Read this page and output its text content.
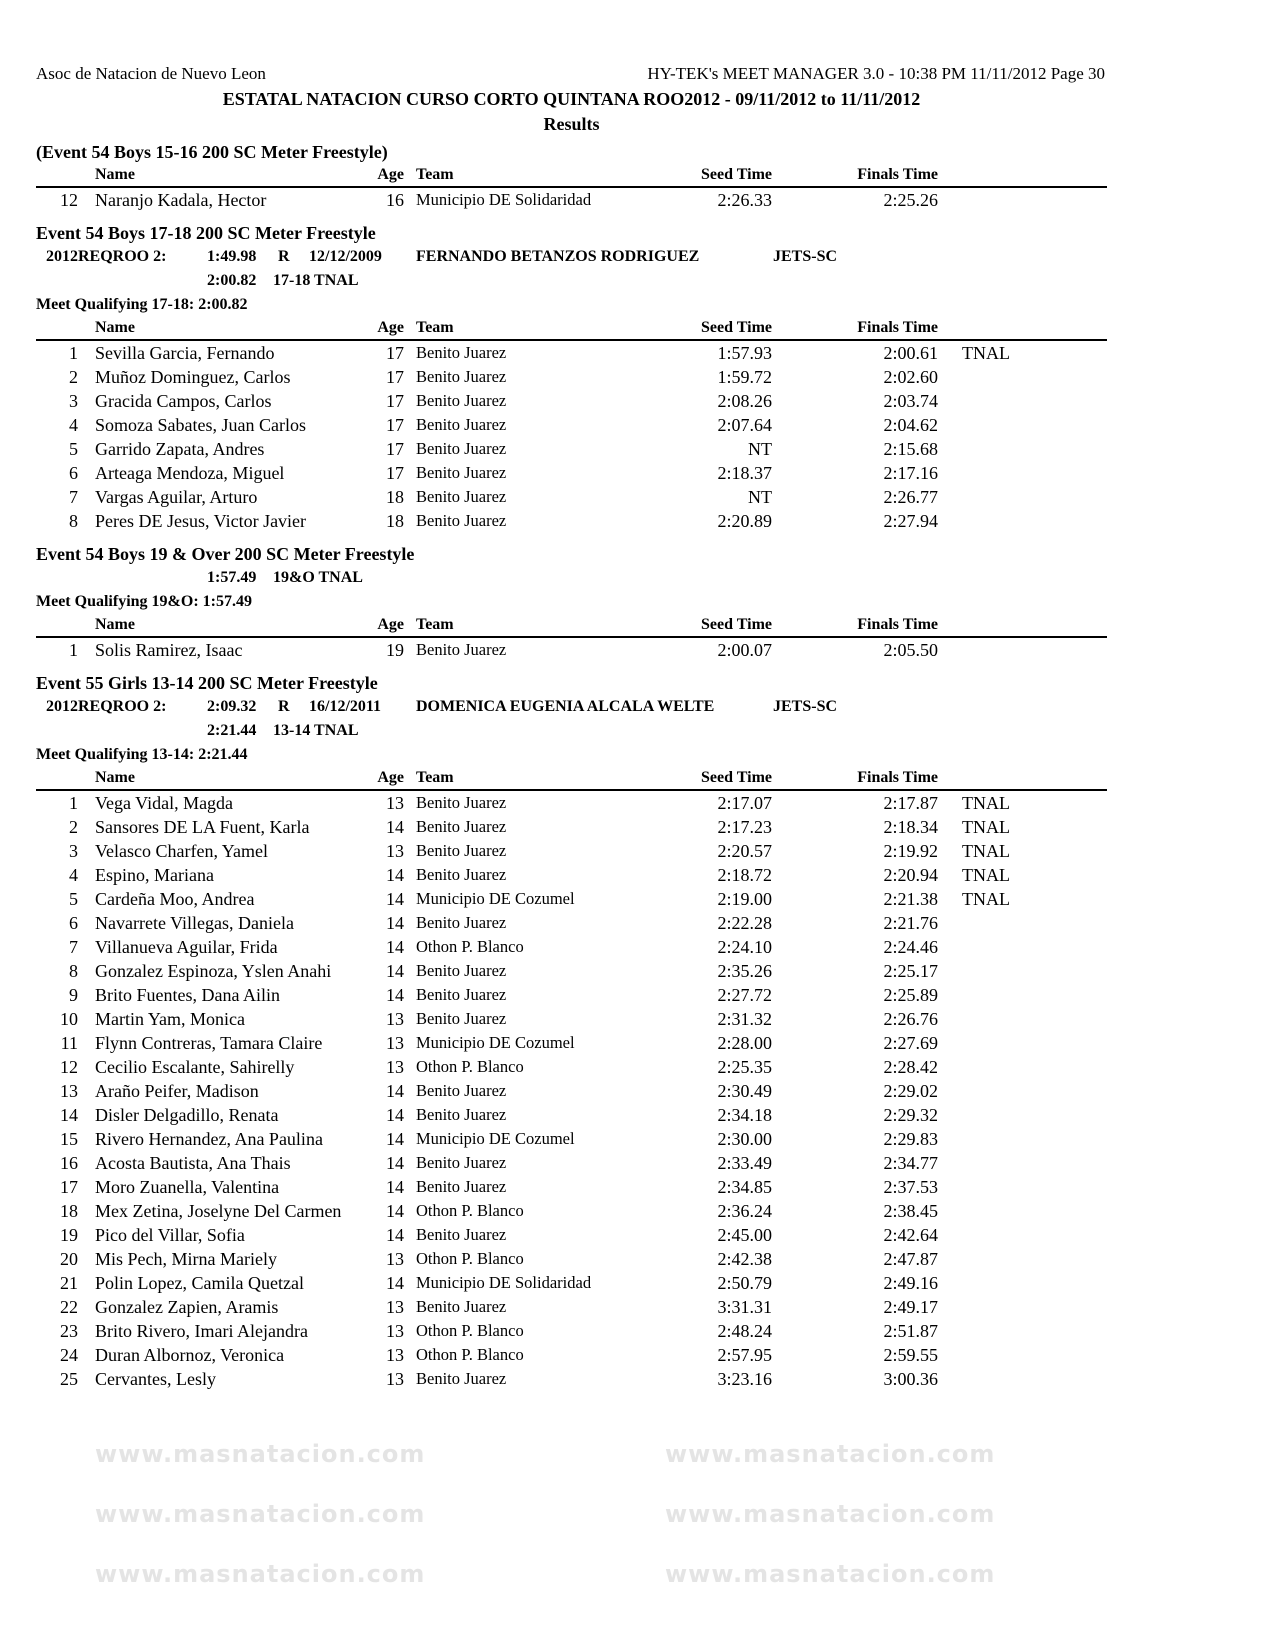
www.masnatacion.com	www.masnatacion.com
www.masnatacion.com	www.masnatacion.com
www.masnatacion.com	www.masnatacion.com
Asoc de Natacion de Nuevo Leon	HY-TEK's MEET MANAGER 3.0 - 10:38 PM 11/11/2012 Page 30
ESTATAL NATACION CURSO CORTO QUINTANA ROO2012 - 09/11/2012 to 11/11/2012
Results
(Event 54 Boys 15-16 200 SC Meter Freestyle)
Name	Age Team	Seed Time	Finals Time
12 Naranjo Kadala, Hector	16 Municipio DE Solidaridad	2:26.33	2:25.26
Event 54 Boys 17-18 200 SC Meter Freestyle
2012REQROO 2:	1:49.98 R 12/12/2009 FERNANDO BETANZOS RODRIGUEZ	JETS-SC
2:00.82 17-18 TNAL
Meet Qualifying 17-18: 2:00.82
Name	Age Team	Seed Time	Finals Time
1 Sevilla Garcia, Fernando	17 Benito Juarez	1:57.93	2:00.61 TNAL
2 Muñoz Dominguez, Carlos	17 Benito Juarez	1:59.72	2:02.60
3 Gracida Campos, Carlos	17 Benito Juarez	2:08.26	2:03.74
4 Somoza Sabates, Juan Carlos	17 Benito Juarez	2:07.64	2:04.62
5 Garrido Zapata, Andres	17 Benito Juarez	NT	2:15.68
6 Arteaga Mendoza, Miguel	17 Benito Juarez	2:18.37	2:17.16
7 Vargas Aguilar, Arturo	18 Benito Juarez	NT	2:26.77
8 Peres DE Jesus, Victor Javier	18 Benito Juarez	2:20.89	2:27.94
Event 54 Boys 19 & Over 200 SC Meter Freestyle
1:57.49 19&O TNAL
Meet Qualifying 19&O: 1:57.49
Name	Age Team	Seed Time	Finals Time
1 Solis Ramirez, Isaac	19 Benito Juarez	2:00.07	2:05.50
Event 55 Girls 13-14 200 SC Meter Freestyle
2012REQROO 2:	2:09.32 R 16/12/2011 DOMENICA EUGENIA ALCALA WELTE	JETS-SC
2:21.44 13-14 TNAL
Meet Qualifying 13-14: 2:21.44
Name	Age Team	Seed Time	Finals Time
1 Vega Vidal, Magda	13 Benito Juarez	2:17.07	2:17.87 TNAL
2 Sansores DE LA Fuent, Karla	14 Benito Juarez	2:17.23	2:18.34 TNAL
3 Velasco Charfen, Yamel	13 Benito Juarez	2:20.57	2:19.92 TNAL
4 Espino, Mariana	14 Benito Juarez	2:18.72	2:20.94 TNAL
5 Cardeña Moo, Andrea	14 Municipio DE Cozumel	2:19.00	2:21.38 TNAL
6 Navarrete Villegas, Daniela	14 Benito Juarez	2:22.28	2:21.76
7 Villanueva Aguilar, Frida	14 Othon P. Blanco	2:24.10	2:24.46
8 Gonzalez Espinoza, Yslen Anahi	14 Benito Juarez	2:35.26	2:25.17
9 Brito Fuentes, Dana Ailin	14 Benito Juarez	2:27.72	2:25.89
10 Martin Yam, Monica	13 Benito Juarez	2:31.32	2:26.76
11 Flynn Contreras, Tamara Claire	13 Municipio DE Cozumel	2:28.00	2:27.69
12 Cecilio Escalante, Sahirelly	13 Othon P. Blanco	2:25.35	2:28.42
13 Araño Peifer, Madison	14 Benito Juarez	2:30.49	2:29.02
14 Disler Delgadillo, Renata	14 Benito Juarez	2:34.18	2:29.32
15 Rivero Hernandez, Ana Paulina	14 Municipio DE Cozumel	2:30.00	2:29.83
16 Acosta Bautista, Ana Thais	14 Benito Juarez	2:33.49	2:34.77
17 Moro Zuanella, Valentina	14 Benito Juarez	2:34.85	2:37.53
18 Mex Zetina, Joselyne Del Carmen 14 Othon P. Blanco	2:36.24	2:38.45
19 Pico del Villar, Sofia	14 Benito Juarez	2:45.00	2:42.64
20 Mis Pech, Mirna Mariely	13 Othon P. Blanco	2:42.38	2:47.87
21 Polin Lopez, Camila Quetzal	14 Municipio DE Solidaridad	2:50.79	2:49.16
22 Gonzalez Zapien, Aramis	13 Benito Juarez	3:31.31	2:49.17
23 Brito Rivero, Imari Alejandra	13 Othon P. Blanco	2:48.24	2:51.87
24 Duran Albornoz, Veronica	13 Othon P. Blanco	2:57.95	2:59.55
25 Cervantes, Lesly	13 Benito Juarez	3:23.16	3:00.36
